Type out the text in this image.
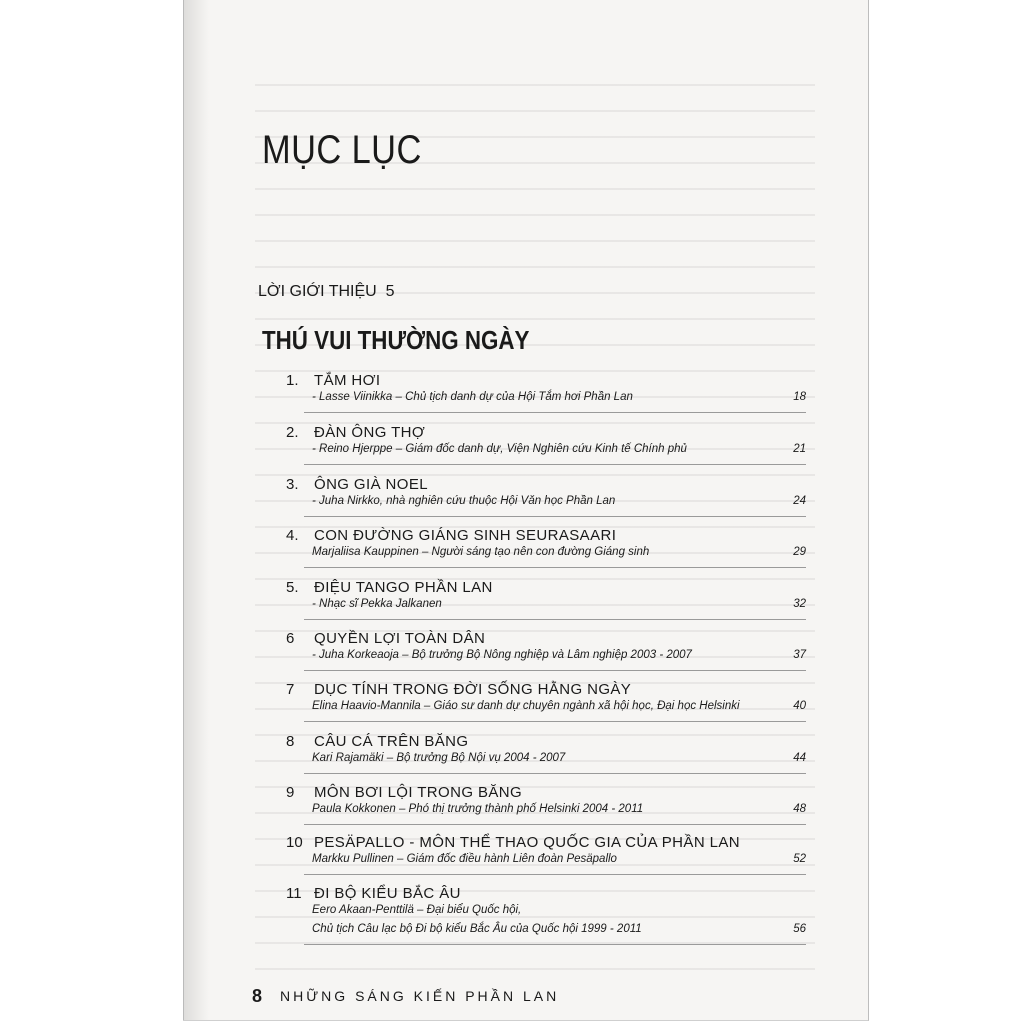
MỤC LỤC
LỜI GIỚI THIỆU 5
THÚ VUI THƯỜNG NGÀY
1. TẮM HƠI
- Lasse Viinikka – Chủ tịch danh dự của Hội Tắm hơi Phần Lan	18
2. ĐÀN ÔNG THỢ
- Reino Hjerppe – Giám đốc danh dự, Viện Nghiên cứu Kinh tế Chính phủ	21
3. ÔNG GIÀ NOEL
- Juha Nirkko, nhà nghiên cứu thuộc Hội Văn học Phần Lan	24
4. CON ĐƯỜNG GIÁNG SINH SEURASAARI
Marjaliisa Kauppinen – Người sáng tạo nên con đường Giáng sinh	29
5. ĐIỆU TANGO PHẦN LAN
- Nhạc sĩ Pekka Jalkanen	32
6 QUYỀN LỢI TOÀN DÂN
- Juha Korkeaoja – Bộ trưởng Bộ Nông nghiệp và Lâm nghiệp 2003 - 2007	37
7 DỤC TÍNH TRONG ĐỜI SỐNG HẰNG NGÀY
Elina Haavio-Mannila – Giáo sư danh dự chuyên ngành xã hội học, Đại học Helsinki	40
8 CÂU CÁ TRÊN BĂNG
Kari Rajamäki – Bộ trưởng Bộ Nội vụ 2004 - 2007	44
9 MÔN BƠI LỘI TRONG BĂNG
Paula Kokkonen – Phó thị trưởng thành phố Helsinki 2004 - 2011	48
10 PESÄPALLO - MÔN THỂ THAO QUỐC GIA CỦA PHẦN LAN
Markku Pullinen – Giám đốc điều hành Liên đoàn Pesäpallo	52
11 ĐI BỘ KIỂU BẮC ÂU
Eero Akaan-Penttilä – Đại biểu Quốc hội,
Chủ tịch Câu lạc bộ Đi bộ kiểu Bắc Âu của Quốc hội 1999 - 2011	56
8 NHỮNG SÁNG KIẾN PHẦN LAN
